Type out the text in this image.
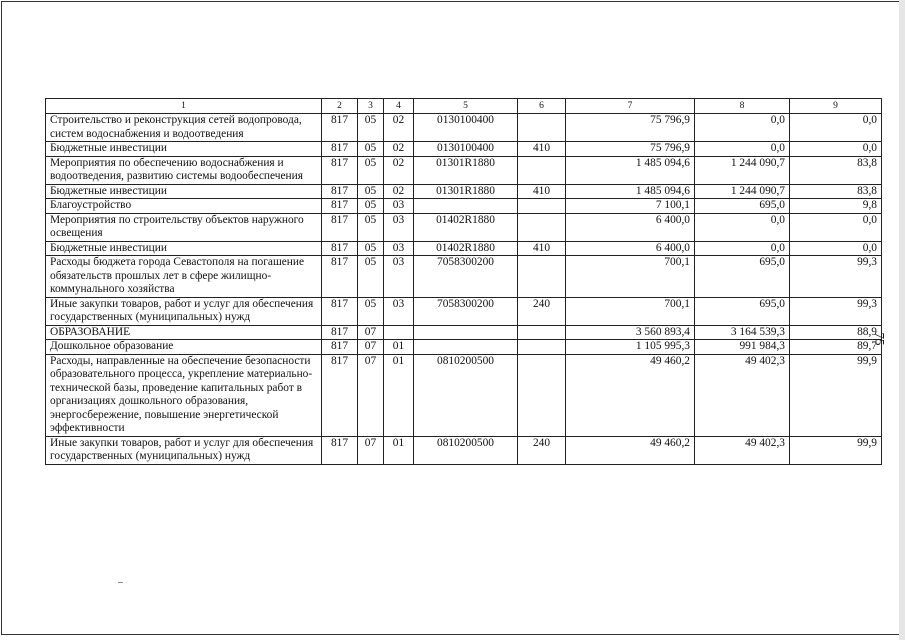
1	2	3	4	5	6	7	8	9
Строительство и реконструкция сетей водопровода, систем водоснабжения и водоотведения	817	05	02	0130100400		75 796,9	0,0	0,0
Бюджетные инвестиции	817	05	02	0130100400	410	75 796,9	0,0	0,0
Мероприятия по обеспечению водоснабжения и водоотведения, развитию системы водообеспечения	817	05	02	01301R1880		1 485 094,6	1 244 090,7	83,8
Бюджетные инвестиции	817	05	02	01301R1880	410	1 485 094,6	1 244 090,7	83,8
Благоустройство	817	05	03			7 100,1	695,0	9,8
Мероприятия по строительству объектов наружного освещения	817	05	03	01402R1880		6 400,0	0,0	0,0
Бюджетные инвестиции	817	05	03	01402R1880	410	6 400,0	0,0	0,0
Расходы бюджета города Севастополя на погашение обязательств прошлых лет в сфере жилищно-коммунального хозяйства	817	05	03	7058300200		700,1	695,0	99,3
Иные закупки товаров, работ и услуг для обеспечения государственных (муниципальных) нужд	817	05	03	7058300200	240	700,1	695,0	99,3
ОБРАЗОВАНИЕ	817	07				3 560 893,4	3 164 539,3	88,9
Дошкольное образование	817	07	01			1 105 995,3	991 984,3	89,7
Расходы, направленные на обеспечение безопасности образовательного процесса, укрепление материально-технической базы, проведение капитальных работ в организациях дошкольного образования, энергосбережение, повышение энергетической эффективности	817	07	01	0810200500		49 460,2	49 402,3	99,9
Иные закупки товаров, работ и услуг для обеспечения государственных (муниципальных) нужд	817	07	01	0810200500	240	49 460,2	49 402,3	99,9
75
